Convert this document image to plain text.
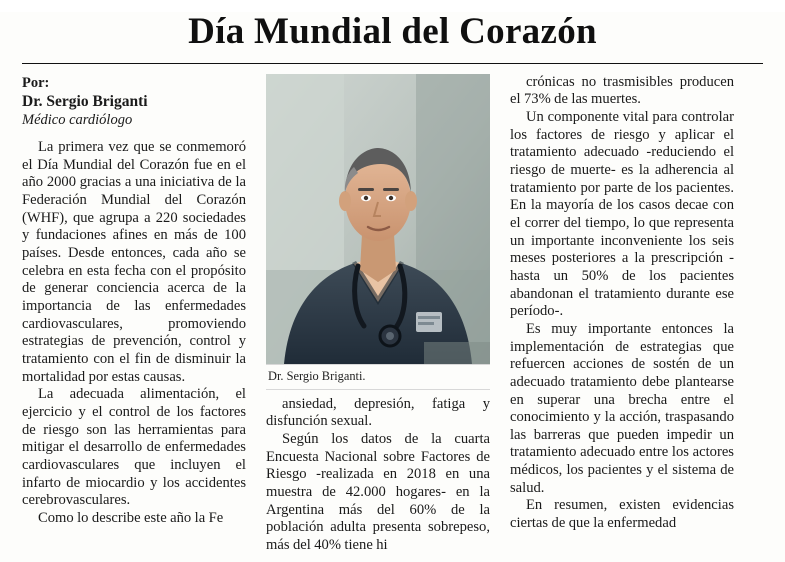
Día Mundial del Corazón

Por:

Dr. Sergio Briganti

Médico cardiólogo

La primera vez que se conmemoró el Día Mundial del Corazón fue en el año 2000 gracias a una iniciativa de la Federación Mundial del Corazón (WHF), que agrupa a 220 sociedades y fundaciones afines en más de 100 países. Desde entonces, cada año se celebra en esta fecha con el propósito de generar conciencia acerca de la importancia de las enfermedades cardiovasculares, promoviendo estrategias de prevención, control y tratamiento con el fin de disminuir la mortalidad por estas causas.

La adecuada alimentación, el ejercicio y el control de los factores de riesgo son las herramientas para mitigar el desarrollo de enfermedades cardiovasculares que incluyen el infarto de miocardio y los accidentes cerebrovasculares.

Como lo describe este año la Fe

Dr. Sergio Briganti.

ansiedad, depresión, fatiga y disfunción sexual.

Según los datos de la cuarta Encuesta Nacional sobre Factores de Riesgo -realizada en 2018 en una muestra de 42.000 hogares- en la Argentina más del 60% de la población adulta presenta sobrepeso, más del 40% tiene hi

crónicas no trasmisibles producen el 73% de las muertes.

Un componente vital para controlar los factores de riesgo y aplicar el tratamiento adecuado -reduciendo el riesgo de muerte- es la adherencia al tratamiento por parte de los pacientes. En la mayoría de los casos decae con el correr del tiempo, lo que representa un importante inconveniente los seis meses posteriores a la prescripción -hasta un 50% de los pacientes abandonan el tratamiento durante ese período-.

Es muy importante entonces la implementación de estrategias que refuercen acciones de sostén de un adecuado tratamiento debe plantearse en superar una brecha entre el conocimiento y la acción, traspasando las barreras que pueden impedir un tratamiento adecuado entre los actores médicos, los pacientes y el sistema de salud.

En resumen, existen evidencias ciertas de que la enfermedad
